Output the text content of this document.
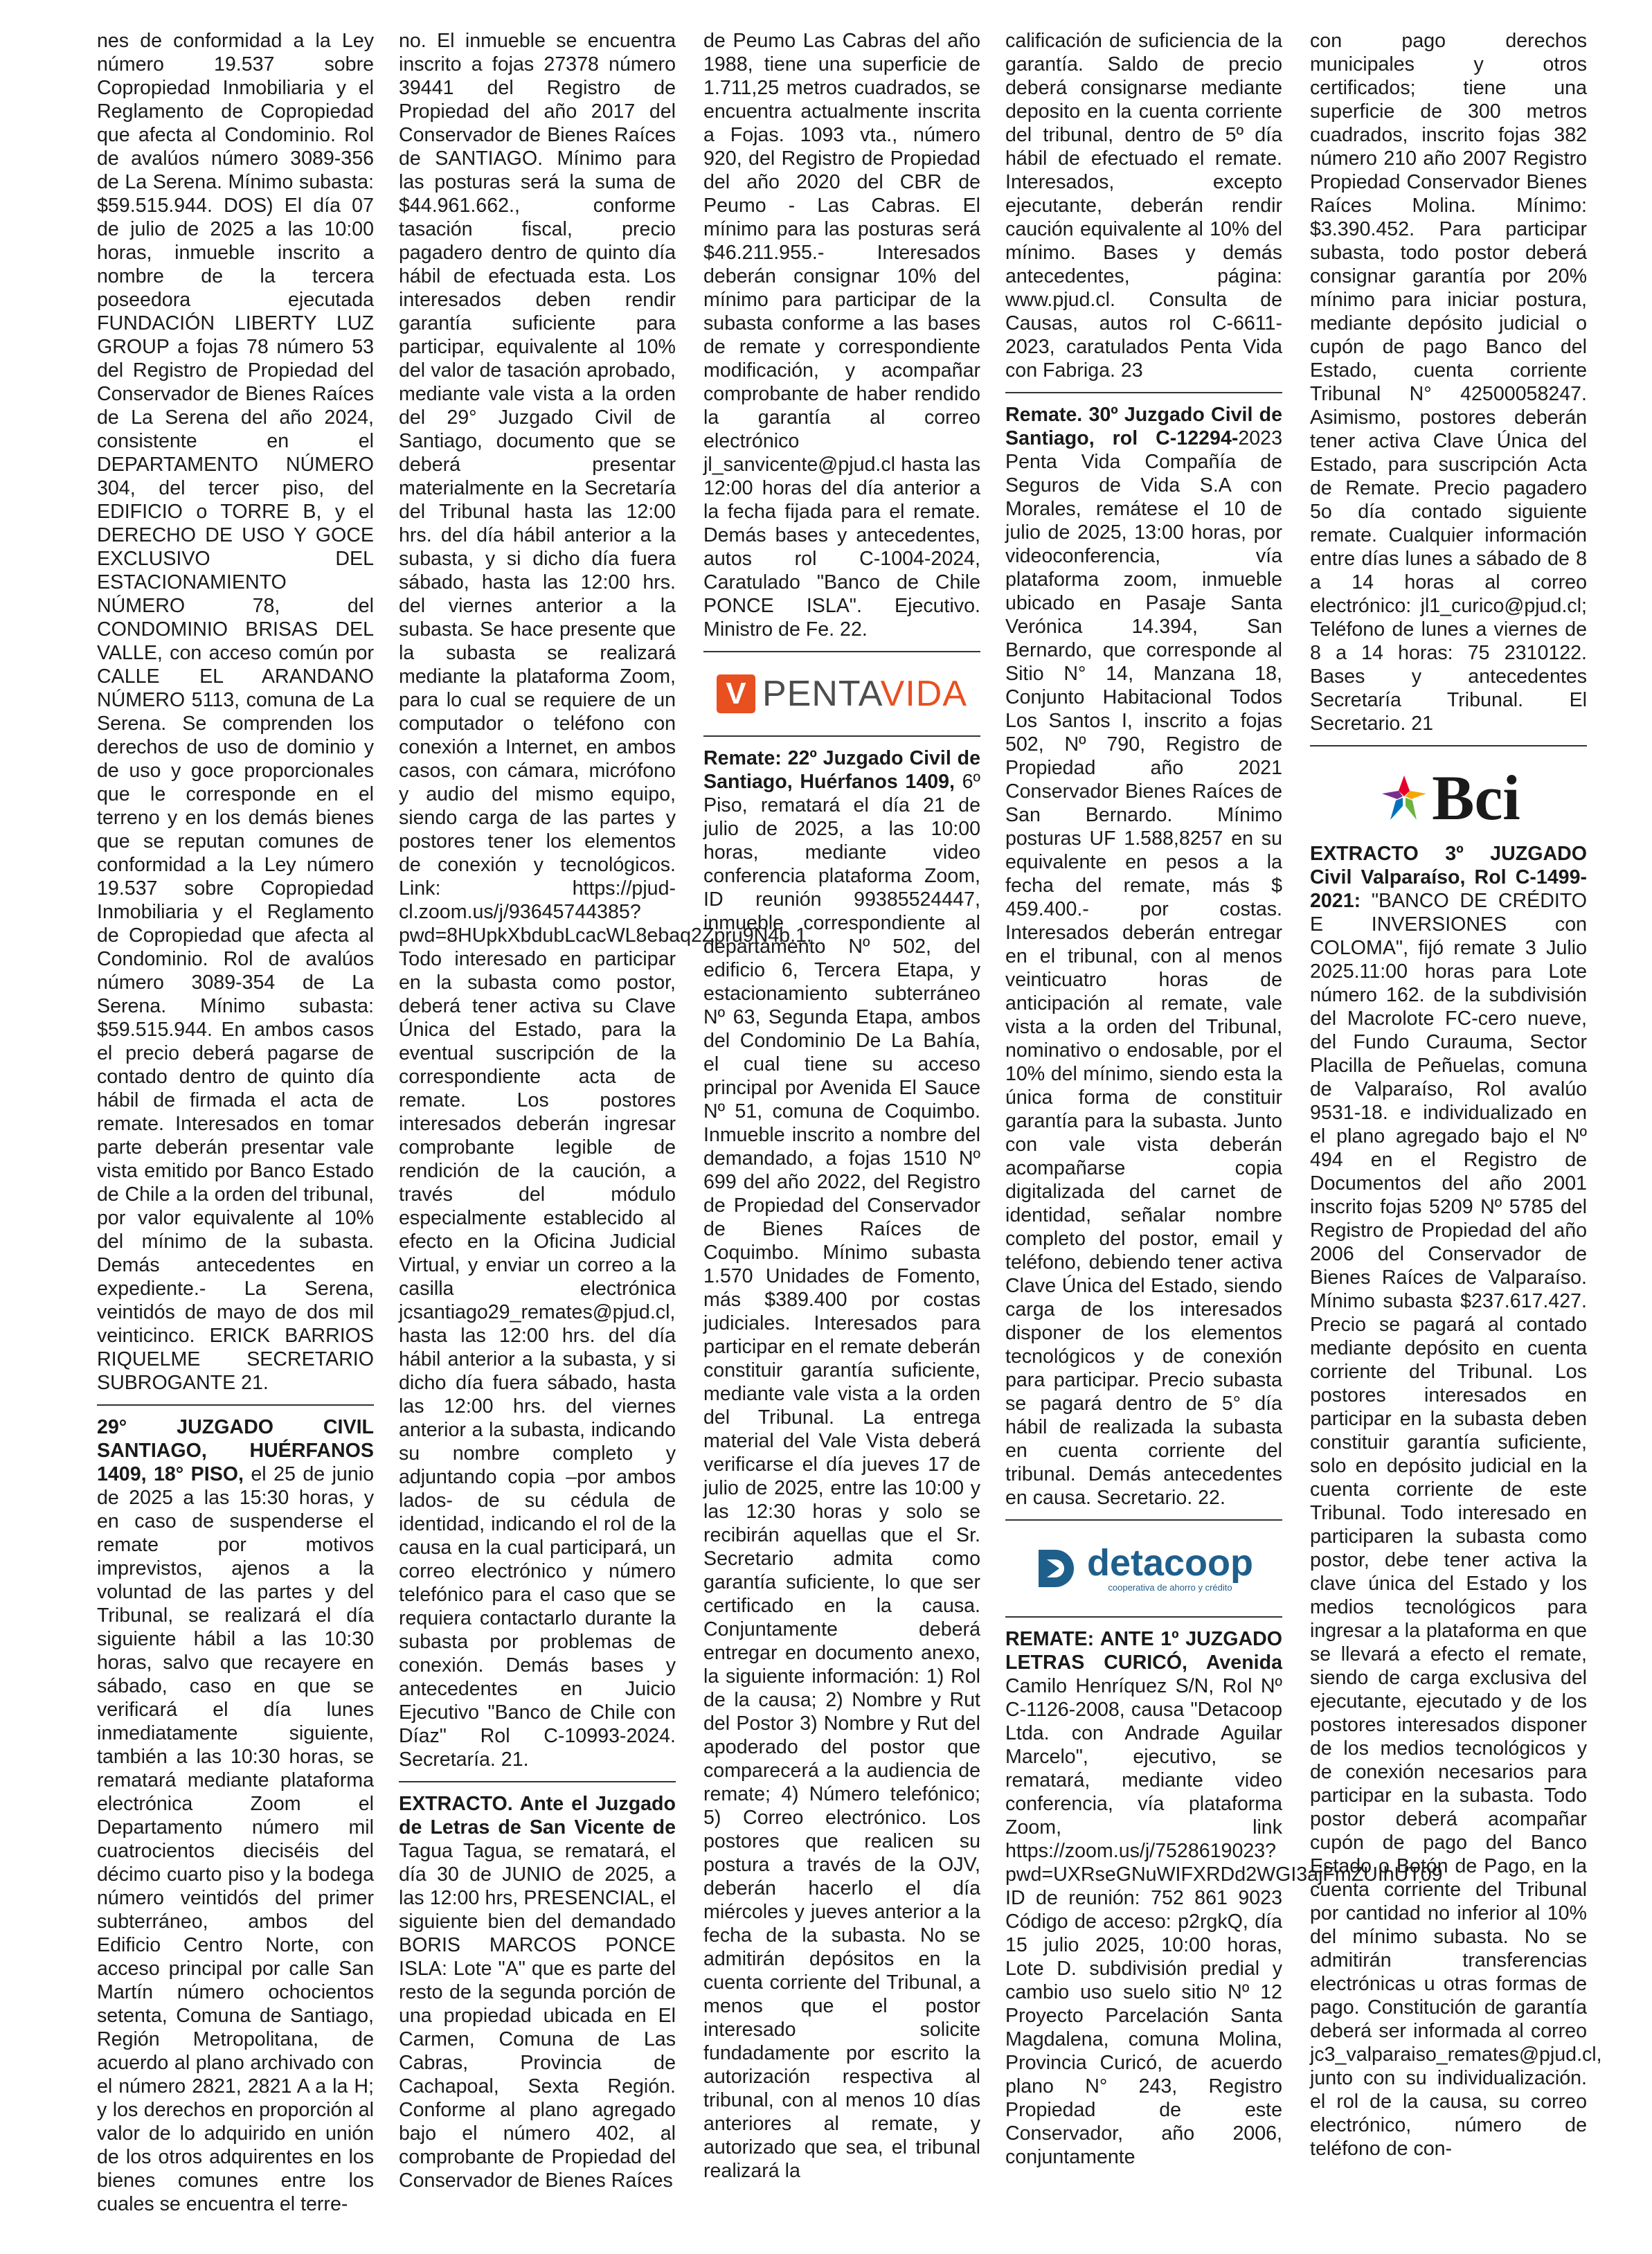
nes de conformidad a la Ley número 19.537 sobre Copropiedad Inmobiliaria y el Reglamento de Copropiedad que afecta al Condominio. Rol de avalúos número 3089-356 de La Serena. Mínimo subasta: $59.515.944. DOS) El día 07 de julio de 2025 a las 10:00 horas, inmueble inscrito a nombre de la tercera poseedora ejecutada FUNDACIÓN LIBERTY LUZ GROUP a fojas 78 número 53 del Registro de Propiedad del Conservador de Bienes Raíces de La Serena del año 2024, consistente en el DEPARTAMENTO NÚMERO 304, del tercer piso, del EDIFICIO o TORRE B, y el DERECHO DE USO Y GOCE EXCLUSIVO DEL ESTACIONAMIENTO NÚMERO 78, del CONDOMINIO BRISAS DEL VALLE, con acceso común por CALLE EL ARANDANO NÚMERO 5113, comuna de La Serena. Se comprenden los derechos de uso de dominio y de uso y goce proporcionales que le corresponde en el terreno y en los demás bienes que se reputan comunes de conformidad a la Ley número 19.537 sobre Copropiedad Inmobiliaria y el Reglamento de Copropiedad que afecta al Condominio. Rol de avalúos número 3089-354 de La Serena. Mínimo subasta: $59.515.944. En ambos casos el precio deberá pagarse de contado dentro de quinto día hábil de firmada el acta de remate. Interesados en tomar parte deberán presentar vale vista emitido por Banco Estado de Chile a la orden del tribunal, por valor equivalente al 10% del mínimo de la subasta. Demás antecedentes en expediente.- La Serena, veintidós de mayo de dos mil veinticinco. ERICK BARRIOS RIQUELME SECRETARIO SUBROGANTE 21.

29° JUZGADO CIVIL SANTIAGO, HUÉRFANOS 1409, 18° PISO, el 25 de junio de 2025 a las 15:30 horas, y en caso de suspenderse el remate por motivos imprevistos, ajenos a la voluntad de las partes y del Tribunal, se realizará el día siguiente hábil a las 10:30 horas, salvo que recayere en sábado, caso en que se verificará el día lunes inmediatamente siguiente, también a las 10:30 horas, se rematará mediante plataforma electrónica Zoom el Departamento número mil cuatrocientos dieciséis del décimo cuarto piso y la bodega número veintidós del primer subterráneo, ambos del Edificio Centro Norte, con acceso principal por calle San Martín número ochocientos setenta, Comuna de Santiago, Región Metropolitana, de acuerdo al plano archivado con el número 2821, 2821 A a la H; y los derechos en proporción al valor de lo adquirido en unión de los otros adquirentes en los bienes comunes entre los cuales se encuentra el terre-

no. El inmueble se encuentra inscrito a fojas 27378 número 39441 del Registro de Propiedad del año 2017 del Conservador de Bienes Raíces de SANTIAGO. Mínimo para las posturas será la suma de $44.961.662., conforme tasación fiscal, precio pagadero dentro de quinto día hábil de efectuada esta. Los interesados deben rendir garantía suficiente para participar, equivalente al 10% del valor de tasación aprobado, mediante vale vista a la orden del 29° Juzgado Civil de Santiago, documento que se deberá presentar materialmente en la Secretaría del Tribunal hasta las 12:00 hrs. del día hábil anterior a la subasta, y si dicho día fuera sábado, hasta las 12:00 hrs. del viernes anterior a la subasta. Se hace presente que la subasta se realizará mediante la plataforma Zoom, para lo cual se requiere de un computador o teléfono con conexión a Internet, en ambos casos, con cámara, micrófono y audio del mismo equipo, siendo carga de las partes y postores tener los elementos de conexión y tecnológicos. Link: https://pjud-cl.zoom.us/j/93645744385?pwd=8HUpkXbdubLcacWL8ebaq2Zpru9N4b.1. Todo interesado en participar en la subasta como postor, deberá tener activa su Clave Única del Estado, para la eventual suscripción de la correspondiente acta de remate. Los postores interesados deberán ingresar comprobante legible de rendición de la caución, a través del módulo especialmente establecido al efecto en la Oficina Judicial Virtual, y enviar un correo a la casilla electrónica jcsantiago29_remates@pjud.cl, hasta las 12:00 hrs. del día hábil anterior a la subasta, y si dicho día fuera sábado, hasta las 12:00 hrs. del viernes anterior a la subasta, indicando su nombre completo y adjuntando copia –por ambos lados- de su cédula de identidad, indicando el rol de la causa en la cual participará, un correo electrónico y número telefónico para el caso que se requiera contactarlo durante la subasta por problemas de conexión. Demás bases y antecedentes en Juicio Ejecutivo "Banco de Chile con Díaz" Rol C-10993-2024. Secretaría. 21.

EXTRACTO. Ante el Juzgado de Letras de San Vicente de Tagua Tagua, se rematará, el día 30 de JUNIO de 2025, a las 12:00 hrs, PRESENCIAL, el siguiente bien del demandado BORIS MARCOS PONCE ISLA: Lote "A" que es parte del resto de la segunda porción de una propiedad ubicada en El Carmen, Comuna de Las Cabras, Provincia de Cachapoal, Sexta Región. Conforme al plano agregado bajo el número 402, al comprobante de Propiedad del Conservador de Bienes Raíces

de Peumo Las Cabras del año 1988, tiene una superficie de 1.711,25 metros cuadrados, se encuentra actualmente inscrita a Fojas. 1093 vta., número 920, del Registro de Propiedad del año 2020 del CBR de Peumo - Las Cabras. El mínimo para las posturas será $46.211.955.- Interesados deberán consignar 10% del mínimo para participar de la subasta conforme a las bases de remate y correspondiente modificación, y acompañar comprobante de haber rendido la garantía al correo electrónico jl_sanvicente@pjud.cl hasta las 12:00 horas del día anterior a la fecha fijada para el remate. Demás bases y antecedentes, autos rol C-1004-2024, Caratulado "Banco de Chile PONCE ISLA". Ejecutivo. Ministro de Fe. 22.

V PENTAVIDA

Remate: 22º Juzgado Civil de Santiago, Huérfanos 1409, 6º Piso, rematará el día 21 de julio de 2025, a las 10:00 horas, mediante video conferencia plataforma Zoom, ID reunión 99385524447, inmueble correspondiente al departamento Nº 502, del edificio 6, Tercera Etapa, y estacionamiento subterráneo Nº 63, Segunda Etapa, ambos del Condominio De La Bahía, el cual tiene su acceso principal por Avenida El Sauce Nº 51, comuna de Coquimbo. Inmueble inscrito a nombre del demandado, a fojas 1510 Nº 699 del año 2022, del Registro de Propiedad del Conservador de Bienes Raíces de Coquimbo. Mínimo subasta 1.570 Unidades de Fomento, más $389.400 por costas judiciales. Interesados para participar en el remate deberán constituir garantía suficiente, mediante vale vista a la orden del Tribunal. La entrega material del Vale Vista deberá verificarse el día jueves 17 de julio de 2025, entre las 10:00 y las 12:30 horas y solo se recibirán aquellas que el Sr. Secretario admita como garantía suficiente, lo que ser certificado en la causa. Conjuntamente deberá entregar en documento anexo, la siguiente información: 1) Rol de la causa; 2) Nombre y Rut del Postor 3) Nombre y Rut del apoderado del postor que comparecerá a la audiencia de remate; 4) Número telefónico; 5) Correo electrónico. Los postores que realicen su postura a través de la OJV, deberán hacerlo el día miércoles y jueves anterior a la fecha de la subasta. No se admitirán depósitos en la cuenta corriente del Tribunal, a menos que el postor interesado solicite fundadamente por escrito la autorización respectiva al tribunal, con al menos 10 días anteriores al remate, y autorizado que sea, el tribunal realizará la

calificación de suficiencia de la garantía. Saldo de precio deberá consignarse mediante deposito en la cuenta corriente del tribunal, dentro de 5º día hábil de efectuado el remate. Interesados, excepto ejecutante, deberán rendir caución equivalente al 10% del mínimo. Bases y demás antecedentes, página: www.pjud.cl. Consulta de Causas, autos rol C-6611-2023, caratulados Penta Vida con Fabriga. 23

Remate. 30º Juzgado Civil de Santiago, rol C-12294-2023 Penta Vida Compañía de Seguros de Vida S.A con Morales, remátese el 10 de julio de 2025, 13:00 horas, por videoconferencia, vía plataforma zoom, inmueble ubicado en Pasaje Santa Verónica 14.394, San Bernardo, que corresponde al Sitio N° 14, Manzana 18, Conjunto Habitacional Todos Los Santos I, inscrito a fojas 502, Nº 790, Registro de Propiedad año 2021 Conservador Bienes Raíces de San Bernardo. Mínimo posturas UF 1.588,8257 en su equivalente en pesos a la fecha del remate, más $ 459.400.- por costas. Interesados deberán entregar en el tribunal, con al menos veinticuatro horas de anticipación al remate, vale vista a la orden del Tribunal, nominativo o endosable, por el 10% del mínimo, siendo esta la única forma de constituir garantía para la subasta. Junto con vale vista deberán acompañarse copia digitalizada del carnet de identidad, señalar nombre completo del postor, email y teléfono, debiendo tener activa Clave Única del Estado, siendo carga de los interesados disponer de los elementos tecnológicos y de conexión para participar. Precio subasta se pagará dentro de 5° día hábil de realizada la subasta en cuenta corriente del tribunal. Demás antecedentes en causa. Secretario. 22.

detacoop
cooperativa de ahorro y crédito

REMATE: ANTE 1º JUZGADO LETRAS CURICÓ, Avenida Camilo Henríquez S/N, Rol Nº C-1126-2008, causa "Detacoop Ltda. con Andrade Aguilar Marcelo", ejecutivo, se rematará, mediante video conferencia, vía plataforma Zoom, link https://zoom.us/j/7528619023?pwd=UXRseGNuWIFXRDd2WGI3ajFmZUIhUT09 ID de reunión: 752 861 9023 Código de acceso: p2rgkQ, día 15 julio 2025, 10:00 horas, Lote D. subdivisión predial y cambio uso suelo sitio Nº 12 Proyecto Parcelación Santa Magdalena, comuna Molina, Provincia Curicó, de acuerdo plano N° 243, Registro Propiedad de este Conservador, año 2006, conjuntamente

con pago derechos municipales y otros certificados; tiene una superficie de 300 metros cuadrados, inscrito fojas 382 número 210 año 2007 Registro Propiedad Conservador Bienes Raíces Molina. Mínimo: $3.390.452. Para participar subasta, todo postor deberá consignar garantía por 20% mínimo para iniciar postura, mediante depósito judicial o cupón de pago Banco del Estado, cuenta corriente Tribunal N° 42500058247. Asimismo, postores deberán tener activa Clave Única del Estado, para suscripción Acta de Remate. Precio pagadero 5o día contado siguiente remate. Cualquier información entre días lunes a sábado de 8 a 14 horas al correo electrónico: jl1_curico@pjud.cl; Teléfono de lunes a viernes de 8 a 14 horas: 75 2310122. Bases y antecedentes Secretaría Tribunal. El Secretario. 21

Bci

EXTRACTO 3º JUZGADO Civil Valparaíso, Rol C-1499-2021: "BANCO DE CRÉDITO E INVERSIONES con COLOMA", fijó remate 3 Julio 2025.11:00 horas para Lote número 162. de la subdivisión del Macrolote FC-cero nueve, del Fundo Curauma, Sector Placilla de Peñuelas, comuna de Valparaíso, Rol avalúo 9531-18. e individualizado en el plano agregado bajo el Nº 494 en el Registro de Documentos del año 2001 inscrito fojas 5209 Nº 5785 del Registro de Propiedad del año 2006 del Conservador de Bienes Raíces de Valparaíso. Mínimo subasta $237.617.427. Precio se pagará al contado mediante depósito en cuenta corriente del Tribunal. Los postores interesados en participar en la subasta deben constituir garantía suficiente, solo en depósito judicial en la cuenta corriente de este Tribunal. Todo interesado en participaren la subasta como postor, debe tener activa la clave única del Estado y los medios tecnológicos para ingresar a la plataforma en que se llevará a efecto el remate, siendo de carga exclusiva del ejecutante, ejecutado y de los postores interesados disponer de los medios tecnológicos y de conexión necesarios para participar en la subasta. Todo postor deberá acompañar cupón de pago del Banco Estado o Botón de Pago, en la cuenta corriente del Tribunal por cantidad no inferior al 10% del mínimo subasta. No se admitirán transferencias electrónicas u otras formas de pago. Constitución de garantía deberá ser informada al correo jc3_valparaiso_remates@pjud.cl, junto con su individualización. el rol de la causa, su correo electrónico, número de teléfono de con-
